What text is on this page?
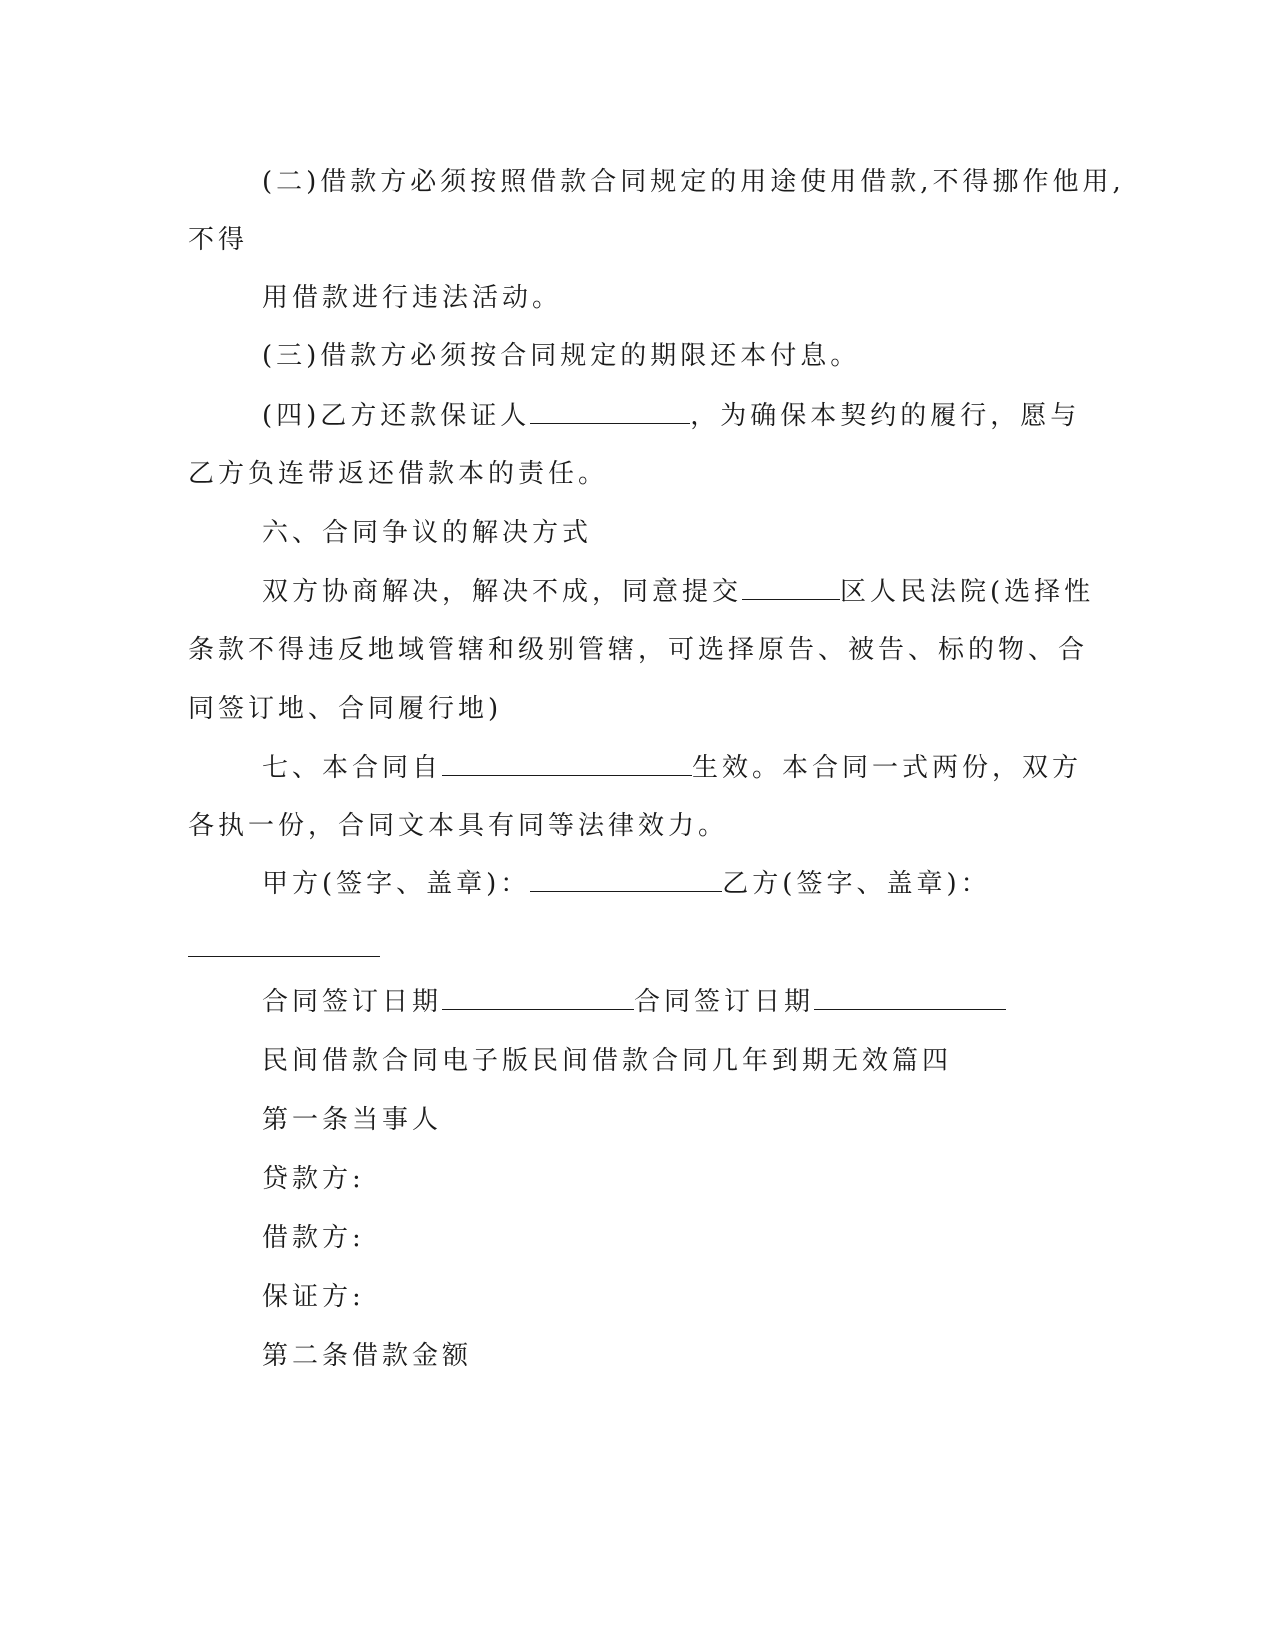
(二)借款方必须按照借款合同规定的用途使用借款,不得挪作他用,
不得
用借款进行违法活动。
(三)借款方必须按合同规定的期限还本付息。
(四)乙方还款保证人	，为确保本契约的履行，愿与
乙方负连带返还借款本的责任。
六、合同争议的解决方式
双方协商解决，解决不成，同意提交	区人民法院(选择性
条款不得违反地域管辖和级别管辖，可选择原告、被告、标的物、合
同签订地、合同履行地)
七、本合同自	生效。本合同一式两份，双方
各执一份，合同文本具有同等法律效力。
甲方(签字、盖章)：	乙方(签字、盖章)：
合同签订日期	合同签订日期
民间借款合同电子版民间借款合同几年到期无效篇四
第一条当事人
贷款方:
借款方:
保证方:
第二条借款金额
